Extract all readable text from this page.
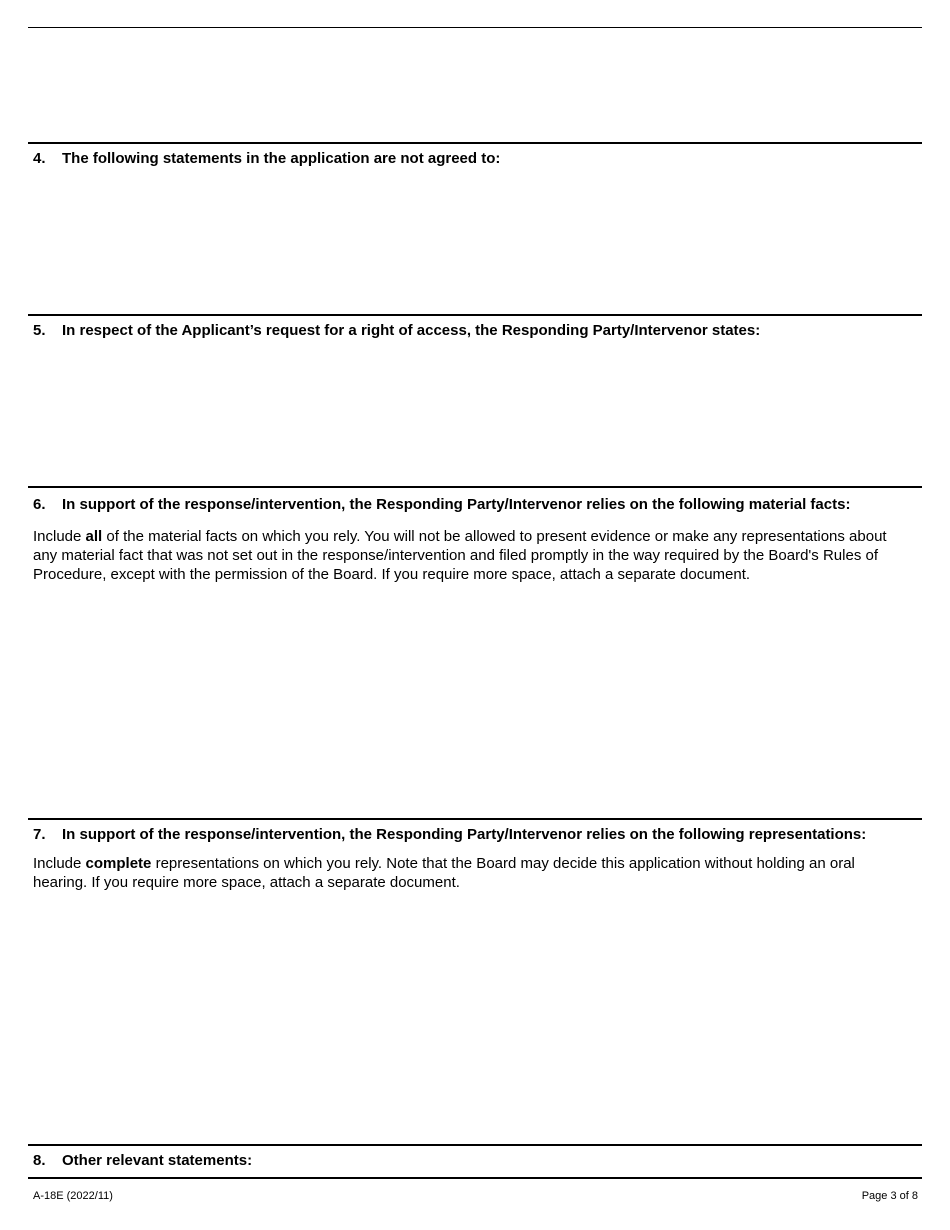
4. The following statements in the application are not agreed to:
5. In respect of the Applicant’s request for a right of access, the Responding Party/Intervenor states:
6. In support of the response/intervention, the Responding Party/Intervenor relies on the following material facts:
Include all of the material facts on which you rely. You will not be allowed to present evidence or make any representations about any material fact that was not set out in the response/intervention and filed promptly in the way required by the Board's Rules of Procedure, except with the permission of the Board. If you require more space, attach a separate document.
7. In support of the response/intervention, the Responding Party/Intervenor relies on the following representations:
Include complete representations on which you rely. Note that the Board may decide this application without holding an oral hearing. If you require more space, attach a separate document.
8. Other relevant statements:
A-18E (2022/11)	Page 3 of 8
